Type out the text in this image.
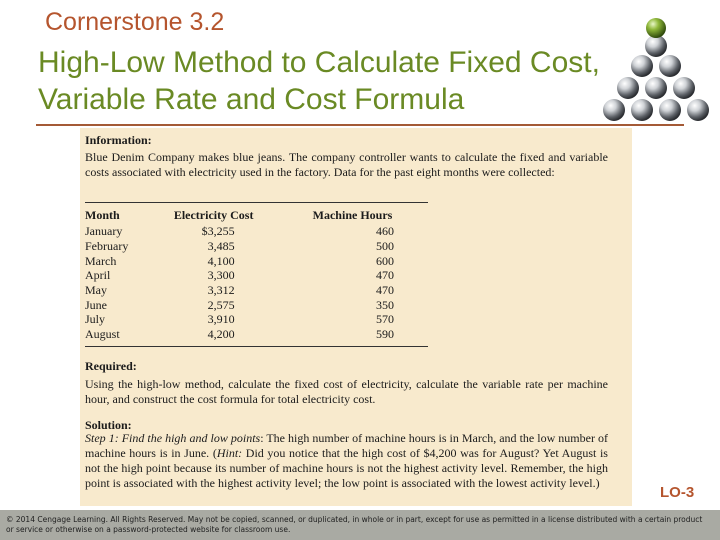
Cornerstone 3.2
High-Low Method to Calculate Fixed Cost, Variable Rate and Cost Formula
Information:

Blue Denim Company makes blue jeans. The company controller wants to calculate the fixed and variable costs associated with electricity used in the factory. Data for the past eight months were collected:

Month	Electricity Cost	Machine Hours
January	$3,255	460
February	3,485	500
March	4,100	600
April	3,300	470
May	3,312	470
June	2,575	350
July	3,910	570
August	4,200	590
Required:

Using the high-low method, calculate the fixed cost of electricity, calculate the variable rate per machine hour, and construct the cost formula for total electricity cost.

Solution:

Step 1: Find the high and low points: The high number of machine hours is in March, and the low number of machine hours is in June. (Hint: Did you notice that the high cost of $4,200 was for August? Yet August is not the high point because its number of machine hours is not the highest activity level. Remember, the high point is associated with the highest activity level; the low point is associated with the lowest activity level.)

LO-3
© 2014 Cengage Learning. All Rights Reserved. May not be copied, scanned, or duplicated, in whole or in part, except for use as permitted in a license distributed with a certain product or service or otherwise on a password-protected website for classroom use.
